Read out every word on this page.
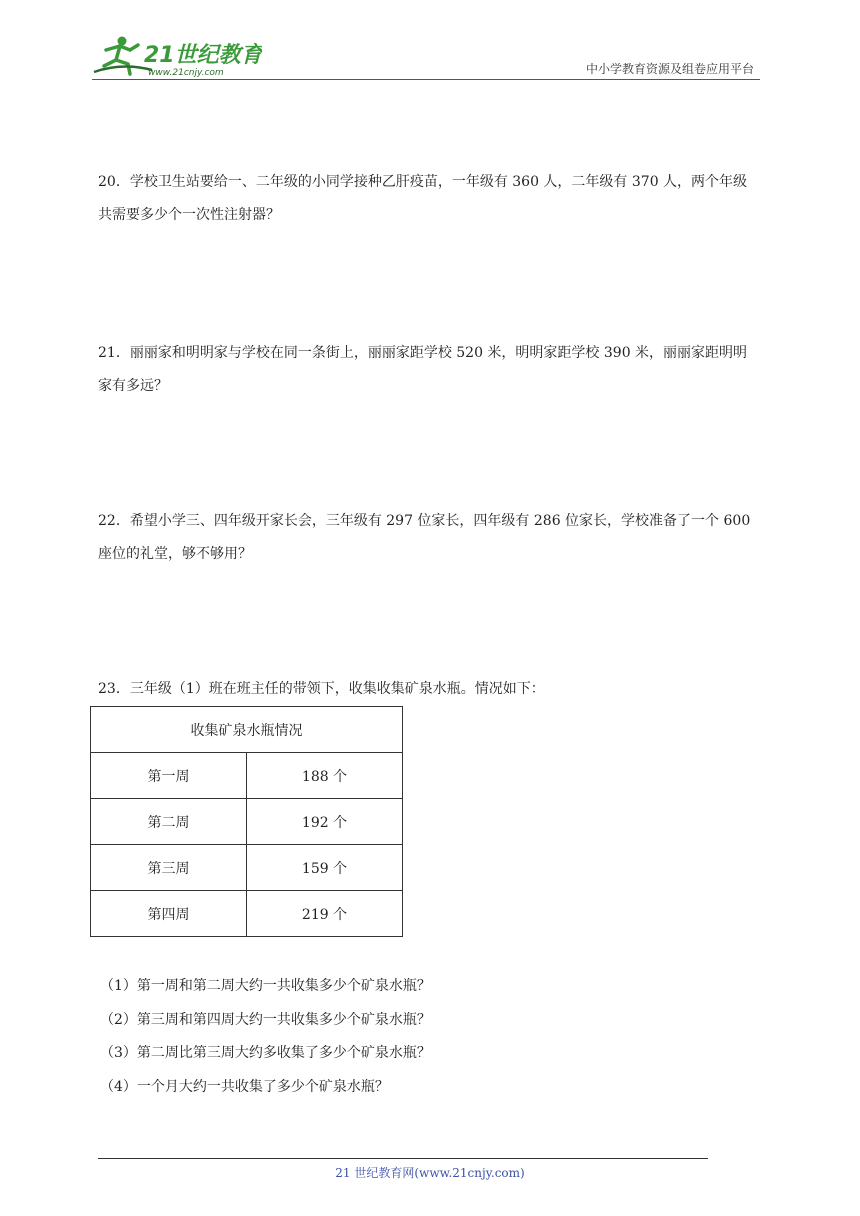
21世纪教育
www.21cnjy.com	中小学教育资源及组卷应用平台
20．学校卫生站要给一、二年级的小同学接种乙肝疫苗，一年级有 360 人，二年级有 370 人，两个年级共需要多少个一次性注射器？
21．丽丽家和明明家与学校在同一条街上，丽丽家距学校 520 米，明明家距学校 390 米，丽丽家距明明家有多远？
22．希望小学三、四年级开家长会，三年级有 297 位家长，四年级有 286 位家长，学校准备了一个 600 座位的礼堂，够不够用？
23．三年级（1）班在班主任的带领下，收集收集矿泉水瓶。情况如下：
收集矿泉水瓶情况	
第一周	188 个
第二周	192 个
第三周	159 个
第四周	219 个
（1）第一周和第二周大约一共收集多少个矿泉水瓶？
（2）第三周和第四周大约一共收集多少个矿泉水瓶？
（3）第二周比第三周大约多收集了多少个矿泉水瓶？
（4）一个月大约一共收集了多少个矿泉水瓶？
21 世纪教育网(www.21cnjy.com)
